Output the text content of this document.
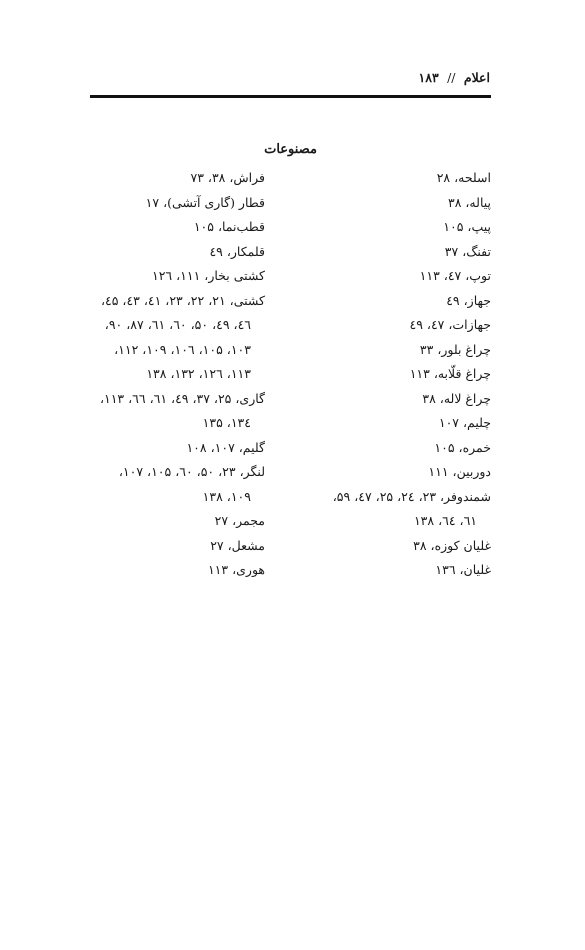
اعلام // ۱۸۳
مصنوعات
اسلحه، ۲۸
پیاله، ۳۸
پیپ، ۱۰۵
تفنگ، ۳۷
توپ، ٤٧، ۱۱۳
جهاز، ٤٩
جهازات، ٤٧، ٤٩
چراغ بلور، ۳۳
چراغ قلّابه، ۱۱۳
چراغ لاله، ۳۸
چلیم، ۱۰۷
خمره، ۱۰۵
دوربین، ۱۱۱
شمندوفر، ۲۳، ۲٤، ۲۵، ٤٧، ۵۹،
٦١، ٦٤، ۱۳۸
غلیان کوزه، ۳۸
غلیان، ۱۳٦
فراش، ۳۸، ۷۳
قطار (گاری آتشی)، ۱۷
قطب‌نما، ۱۰۵
قلمکار، ٤٩
کشتی بخار، ۱۱۱، ۱۲٦
کشتی، ۲۱، ۲۲، ۲۳، ٤۱، ٤۳، ٤۵،
٤٦، ٤٩، ۵۰، ٦۰، ٦۱، ۸۷، ۹۰،
۱۰۳، ۱۰۵، ۱۰٦، ۱۰۹، ۱۱۲،
۱۱۳، ۱۲٦، ۱۳۲، ۱۳۸
گاری، ۲۵، ۳۷، ٤٩، ٦۱، ٦٦، ۱۱۳،
۱۳٤، ۱۳۵
گلیم، ۱۰۷، ۱۰۸
لنگر، ۲۳، ۵۰، ٦۰، ۱۰۵، ۱۰۷،
۱۰۹، ۱۳۸
مجمر، ۲۷
مشعل، ۲۷
هوری، ۱۱۳
